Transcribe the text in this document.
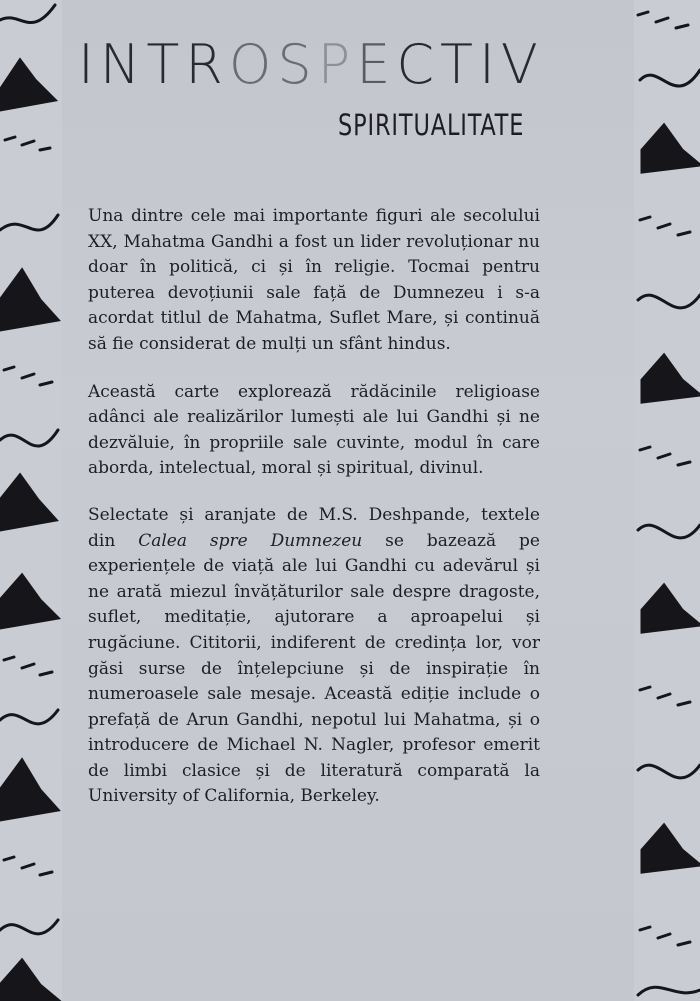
INTROSPECTIV
SPIRITUALITATE

Una dintre cele mai importante figuri ale secolului XX, Mahatma Gandhi a fost un lider revoluționar nu doar în politică, ci și în religie. Tocmai pentru puterea devoțiunii sale față de Dumnezeu i s-a acordat titlul de Mahatma, Suflet Mare, și continuă să fie considerat de mulți un sfânt hindus.

Această carte explorează rădăcinile religioase adânci ale realizărilor lumești ale lui Gandhi și ne dezvăluie, în propriile sale cuvinte, modul în care aborda, intelectual, moral și spiritual, divinul.

Selectate și aranjate de M.S. Deshpande, textele din Calea spre Dumnezeu se bazează pe experiențele de viață ale lui Gandhi cu adevărul și ne arată miezul învățăturilor sale despre dragoste, suflet, meditație, ajutorare a aproapelui și rugăciune. Cititorii, indiferent de credința lor, vor găsi surse de înțelepciune și de inspirație în numeroasele sale mesaje. Această ediție include o prefață de Arun Gandhi, nepotul lui Mahatma, și o introducere de Michael N. Nagler, profesor emerit de limbi clasice și de literatură comparată la University of California, Berkeley.
